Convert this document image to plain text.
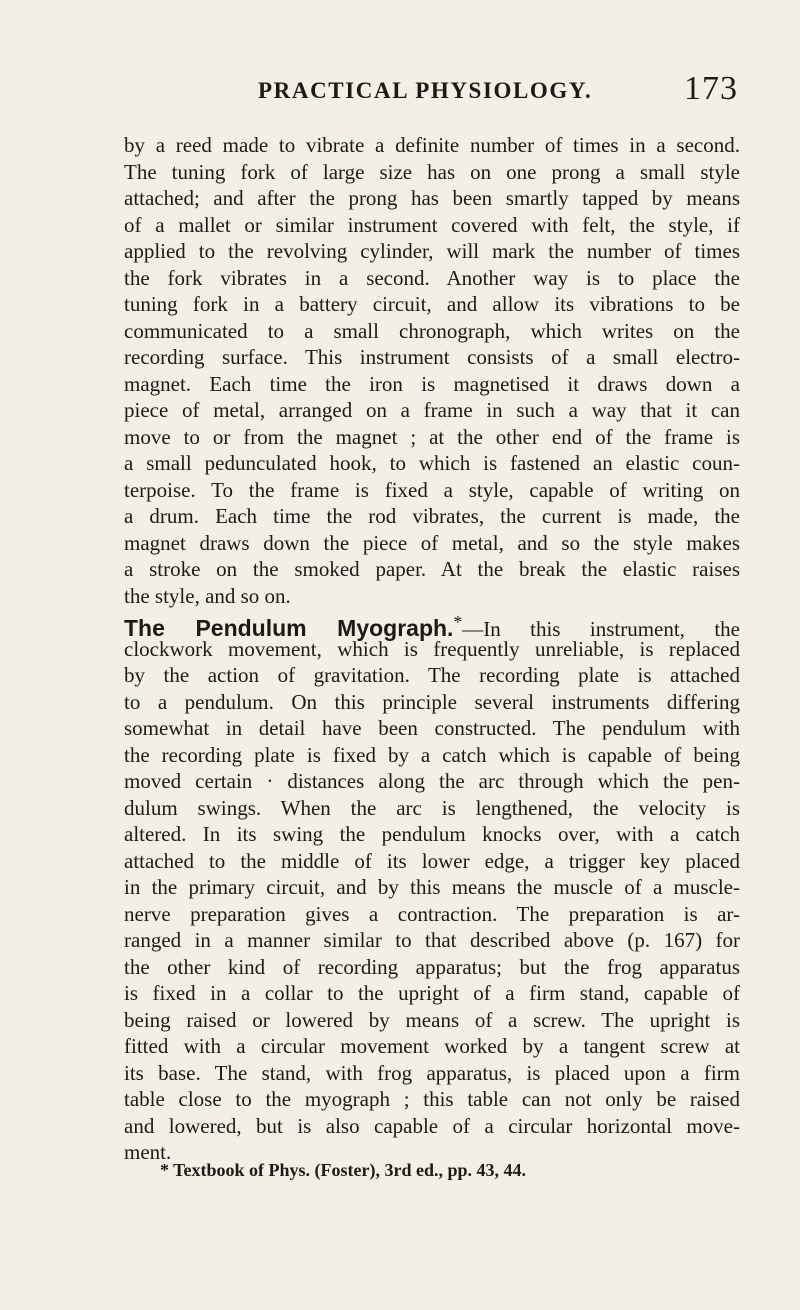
PRACTICAL PHYSIOLOGY.	173
by a reed made to vibrate a definite number of times in a second.
The tuning fork of large size has on one prong a small style
attached; and after the prong has been smartly tapped by means
of a mallet or similar instrument covered with felt, the style, if
applied to the revolving cylinder, will mark the number of times
the fork vibrates in a second. Another way is to place the
tuning fork in a battery circuit, and allow its vibrations to be
communicated to a small chronograph, which writes on the
recording surface. This instrument consists of a small electro-
magnet. Each time the iron is magnetised it draws down a
piece of metal, arranged on a frame in such a way that it can
move to or from the magnet ; at the other end of the frame is
a small pedunculated hook, to which is fastened an elastic coun-
terpoise. To the frame is fixed a style, capable of writing on
a drum. Each time the rod vibrates, the current is made, the
magnet draws down the piece of metal, and so the style makes
a stroke on the smoked paper. At the break the elastic raises
the style, and so on.
The Pendulum Myograph.*—In this instrument, the
clockwork movement, which is frequently unreliable, is replaced
by the action of gravitation. The recording plate is attached
to a pendulum. On this principle several instruments differing
somewhat in detail have been constructed. The pendulum with
the recording plate is fixed by a catch which is capable of being
moved certain · distances along the arc through which the pen-
dulum swings. When the arc is lengthened, the velocity is
altered. In its swing the pendulum knocks over, with a catch
attached to the middle of its lower edge, a trigger key placed
in the primary circuit, and by this means the muscle of a muscle-
nerve preparation gives a contraction. The preparation is ar-
ranged in a manner similar to that described above (p. 167) for
the other kind of recording apparatus; but the frog apparatus
is fixed in a collar to the upright of a firm stand, capable of
being raised or lowered by means of a screw. The upright is
fitted with a circular movement worked by a tangent screw at
its base. The stand, with frog apparatus, is placed upon a firm
table close to the myograph ; this table can not only be raised
and lowered, but is also capable of a circular horizontal move-
ment.
* Textbook of Phys. (Foster), 3rd ed., pp. 43, 44.
